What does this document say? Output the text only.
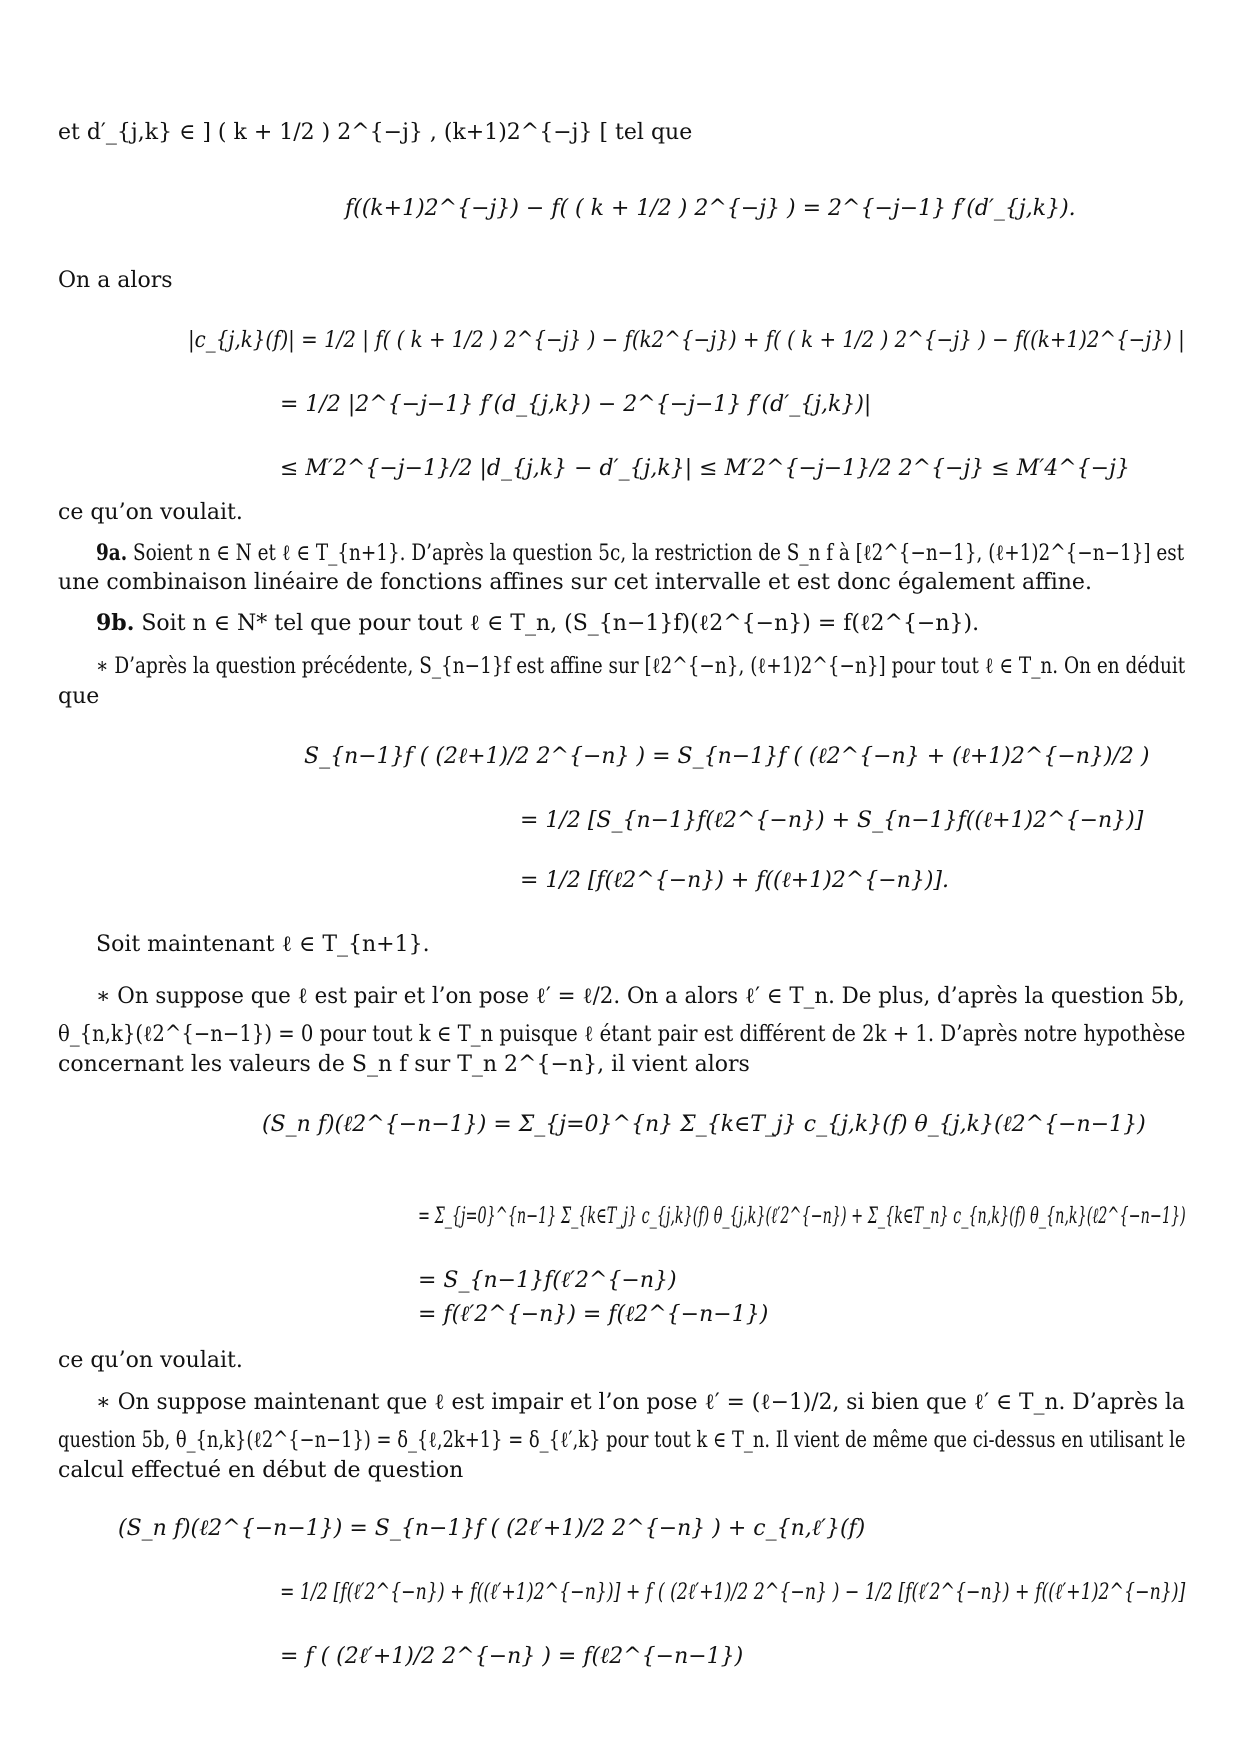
et d′_{j,k} ∈ ] ( k + 1/2 ) 2^{−j} , (k+1)2^{−j} [ tel que
f((k+1)2^{−j}) − f( ( k + 1/2 ) 2^{−j} ) = 2^{−j−1} f′(d′_{j,k}).
On a alors
|c_{j,k}(f)| = 1/2 | f( ( k + 1/2 ) 2^{−j} ) − f(k2^{−j}) + f( ( k + 1/2 ) 2^{−j} ) − f((k+1)2^{−j}) |
= 1/2 |2^{−j−1} f′(d_{j,k}) − 2^{−j−1} f′(d′_{j,k})|
≤ M′2^{−j−1}/2 |d_{j,k} − d′_{j,k}| ≤ M′2^{−j−1}/2 2^{−j} ≤ M′4^{−j}
ce qu’on voulait.
9a. Soient n ∈ N et ℓ ∈ T_{n+1}. D’après la question 5c, la restriction de S_n f à [ℓ2^{−n−1}, (ℓ+1)2^{−n−1}] est
une combinaison linéaire de fonctions affines sur cet intervalle et est donc également affine.
9b. Soit n ∈ N* tel que pour tout ℓ ∈ T_n, (S_{n−1}f)(ℓ2^{−n}) = f(ℓ2^{−n}).
∗ D’après la question précédente, S_{n−1}f est affine sur [ℓ2^{−n}, (ℓ+1)2^{−n}] pour tout ℓ ∈ T_n. On en déduit
que
S_{n−1}f ( (2ℓ+1)/2 2^{−n} ) = S_{n−1}f ( (ℓ2^{−n} + (ℓ+1)2^{−n})/2 )
= 1/2 [S_{n−1}f(ℓ2^{−n}) + S_{n−1}f((ℓ+1)2^{−n})]
= 1/2 [f(ℓ2^{−n}) + f((ℓ+1)2^{−n})].
Soit maintenant ℓ ∈ T_{n+1}.
∗ On suppose que ℓ est pair et l’on pose ℓ′ = ℓ/2. On a alors ℓ′ ∈ T_n. De plus, d’après la question 5b,
θ_{n,k}(ℓ2^{−n−1}) = 0 pour tout k ∈ T_n puisque ℓ étant pair est différent de 2k + 1. D’après notre hypothèse
concernant les valeurs de S_n f sur T_n 2^{−n}, il vient alors
(S_n f)(ℓ2^{−n−1}) = Σ_{j=0}^{n} Σ_{k∈T_j} c_{j,k}(f) θ_{j,k}(ℓ2^{−n−1})
= Σ_{j=0}^{n−1} Σ_{k∈T_j} c_{j,k}(f) θ_{j,k}(ℓ′2^{−n}) + Σ_{k∈T_n} c_{n,k}(f) θ_{n,k}(ℓ2^{−n−1})
= S_{n−1}f(ℓ′2^{−n})
= f(ℓ′2^{−n}) = f(ℓ2^{−n−1})
ce qu’on voulait.
∗ On suppose maintenant que ℓ est impair et l’on pose ℓ′ = (ℓ−1)/2, si bien que ℓ′ ∈ T_n. D’après la
question 5b, θ_{n,k}(ℓ2^{−n−1}) = δ_{ℓ,2k+1} = δ_{ℓ′,k} pour tout k ∈ T_n. Il vient de même que ci-dessus en utilisant le
calcul effectué en début de question
(S_n f)(ℓ2^{−n−1}) = S_{n−1}f ( (2ℓ′+1)/2 2^{−n} ) + c_{n,ℓ′}(f)
= 1/2 [f(ℓ′2^{−n}) + f((ℓ′+1)2^{−n})] + f ( (2ℓ′+1)/2 2^{−n} ) − 1/2 [f(ℓ′2^{−n}) + f((ℓ′+1)2^{−n})]
= f ( (2ℓ′+1)/2 2^{−n} ) = f(ℓ2^{−n−1})
